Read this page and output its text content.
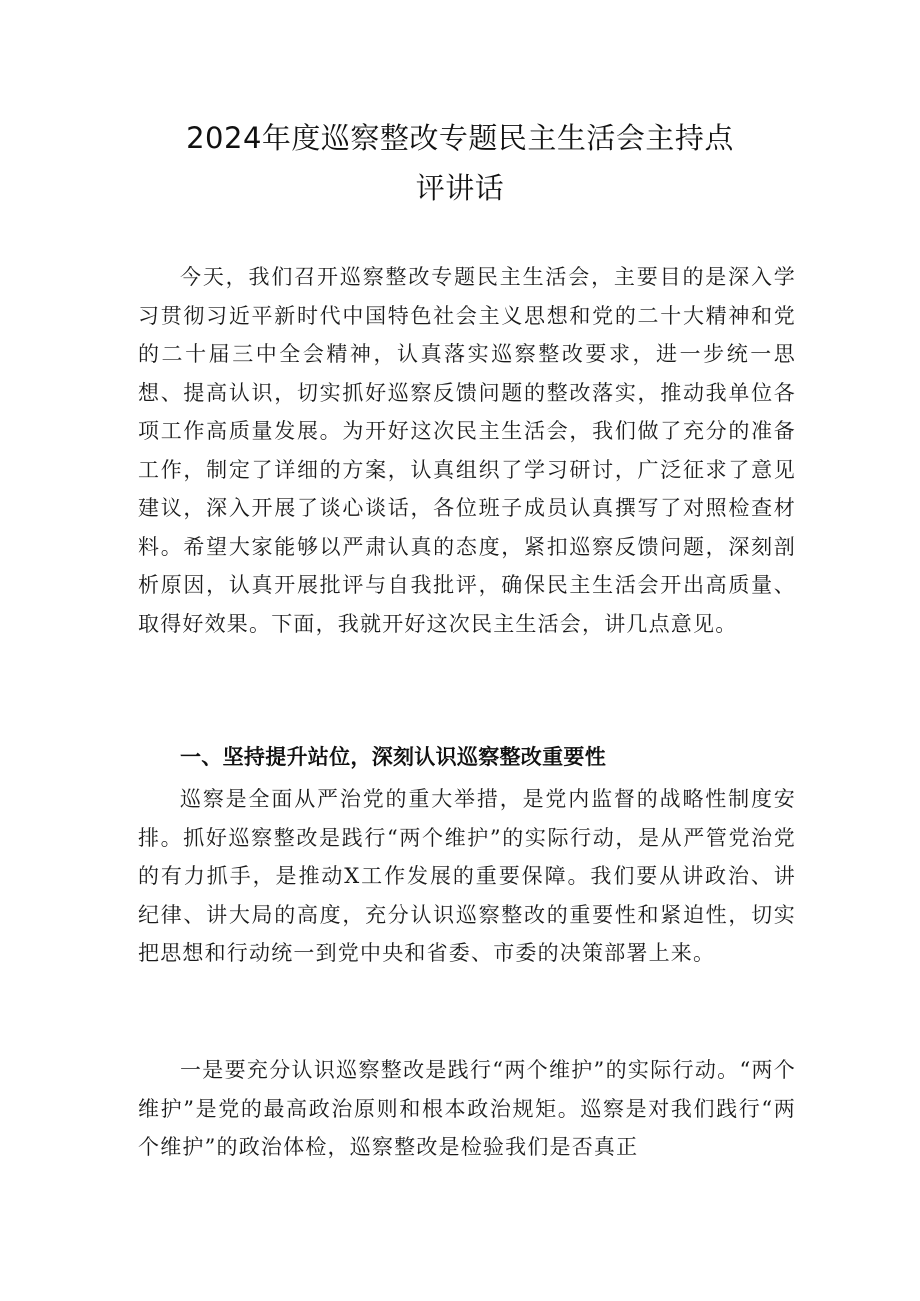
2024年度巡察整改专题民主生活会主持点
评讲话

今天，我们召开巡察整改专题民主生活会，主要目的是深入学习贯彻习近平新时代中国特色社会主义思想和党的二十大精神和党的二十届三中全会精神，认真落实巡察整改要求，进一步统一思想、提高认识，切实抓好巡察反馈问题的整改落实，推动我单位各项工作高质量发展。为开好这次民主生活会，我们做了充分的准备工作，制定了详细的方案，认真组织了学习研讨，广泛征求了意见建议，深入开展了谈心谈话，各位班子成员认真撰写了对照检查材料。希望大家能够以严肃认真的态度，紧扣巡察反馈问题，深刻剖析原因，认真开展批评与自我批评，确保民主生活会开出高质量、取得好效果。下面，我就开好这次民主生活会，讲几点意见。

一、坚持提升站位，深刻认识巡察整改重要性

巡察是全面从严治党的重大举措，是党内监督的战略性制度安排。抓好巡察整改是践行“两个维护”的实际行动，是从严管党治党的有力抓手，是推动X工作发展的重要保障。我们要从讲政治、讲纪律、讲大局的高度，充分认识巡察整改的重要性和紧迫性，切实把思想和行动统一到党中央和省委、市委的决策部署上来。

一是要充分认识巡察整改是践行“两个维护”的实际行动。“两个维护”是党的最高政治原则和根本政治规矩。巡察是对我们践行“两个维护”的政治体检，巡察整改是检验我们是否真正
